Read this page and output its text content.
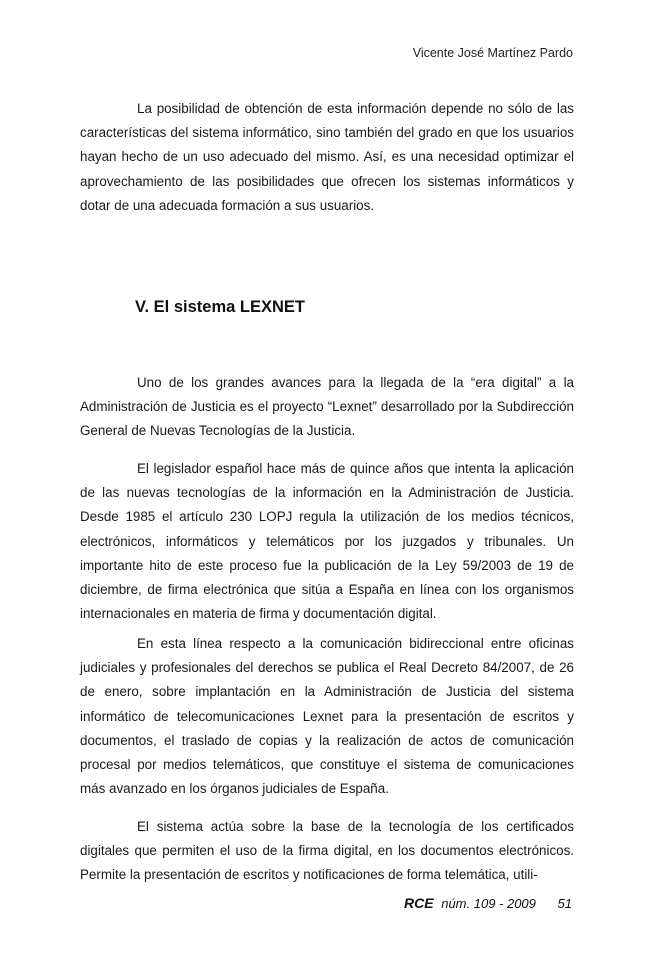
Vicente José Martínez Pardo

La posibilidad de obtención de esta información depende no sólo de las características del sistema informático, sino también del grado en que los usuarios hayan hecho de un uso adecuado del mismo. Así, es una necesidad optimizar el aprovechamiento de las posibilidades que ofrecen los sistemas informáticos y dotar de una adecuada formación a sus usuarios.

V. El sistema LEXNET

Uno de los grandes avances para la llegada de la “era digital” a la Administración de Justicia es el proyecto “Lexnet” desarrollado por la Subdirección General de Nuevas Tecnologías de la Justicia.

El legislador español hace más de quince años que intenta la aplicación de las nuevas tecnologías de la información en la Administración de Justicia. Desde 1985 el artículo 230 LOPJ regula la utilización de los medios técnicos, electrónicos, informáticos y telemáticos por los juzgados y tribunales. Un importante hito de este proceso fue la publicación de la Ley 59/2003 de 19 de diciembre, de firma electrónica que sitúa a España en línea con los organismos internacionales en materia de firma y documentación digital.

En esta línea respecto a la comunicación bidireccional entre oficinas judiciales y profesionales del derechos se publica el Real Decreto 84/2007, de 26 de enero, sobre implantación en la Administración de Justicia del sistema informático de telecomunicaciones Lexnet para la presentación de escritos y documentos, el traslado de copias y la realización de actos de comunicación procesal por medios telemáticos, que constituye el sistema de comunicaciones más avanzado en los órganos judiciales de España.

El sistema actúa sobre la base de la tecnología de los certificados digitales que permiten el uso de la firma digital, en los documentos electrónicos. Permite la presentación de escritos y notificaciones de forma telemática, utili-

RCE núm. 109 - 2009 51
